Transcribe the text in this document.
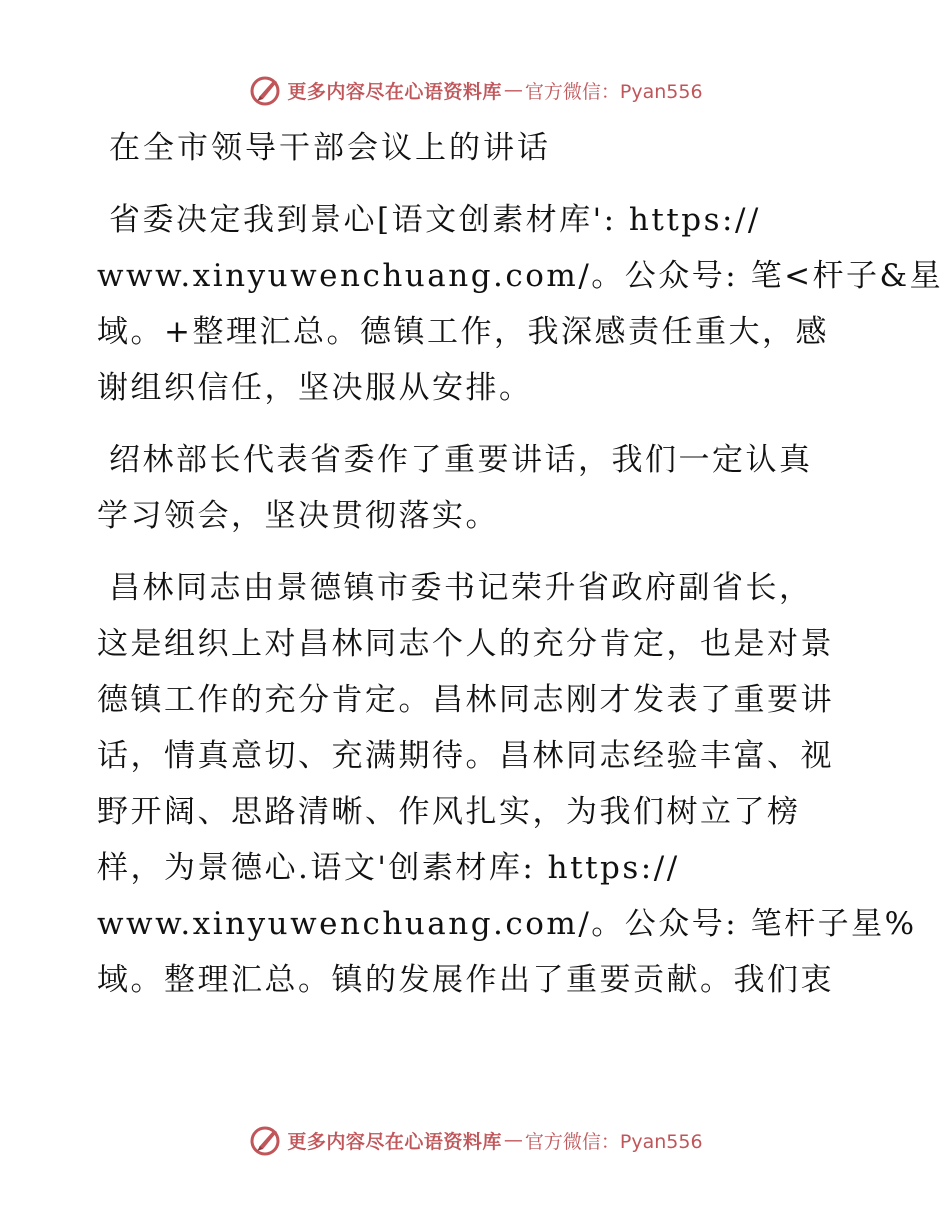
更多内容尽在心语资料库 — 官方微信：Pyan556
在全市领导干部会议上的讲话

省委决定我到景心[语文创素材库': https://
www.xinyuwenchuang.com/。公众号: 笔<杆子&星
域。+整理汇总。德镇工作，我深感责任重大，感
谢组织信任，坚决服从安排。

绍林部长代表省委作了重要讲话，我们一定认真
学习领会，坚决贯彻落实。

昌林同志由景德镇市委书记荣升省政府副省长，
这是组织上对昌林同志个人的充分肯定，也是对景
德镇工作的充分肯定。昌林同志刚才发表了重要讲
话，情真意切、充满期待。昌林同志经验丰富、视
野开阔、思路清晰、作风扎实，为我们树立了榜
样，为景德心.语文'创素材库: https://
www.xinyuwenchuang.com/。公众号: 笔杆子星%
域。整理汇总。镇的发展作出了重要贡献。我们衷

更多内容尽在心语资料库 — 官方微信：Pyan556
